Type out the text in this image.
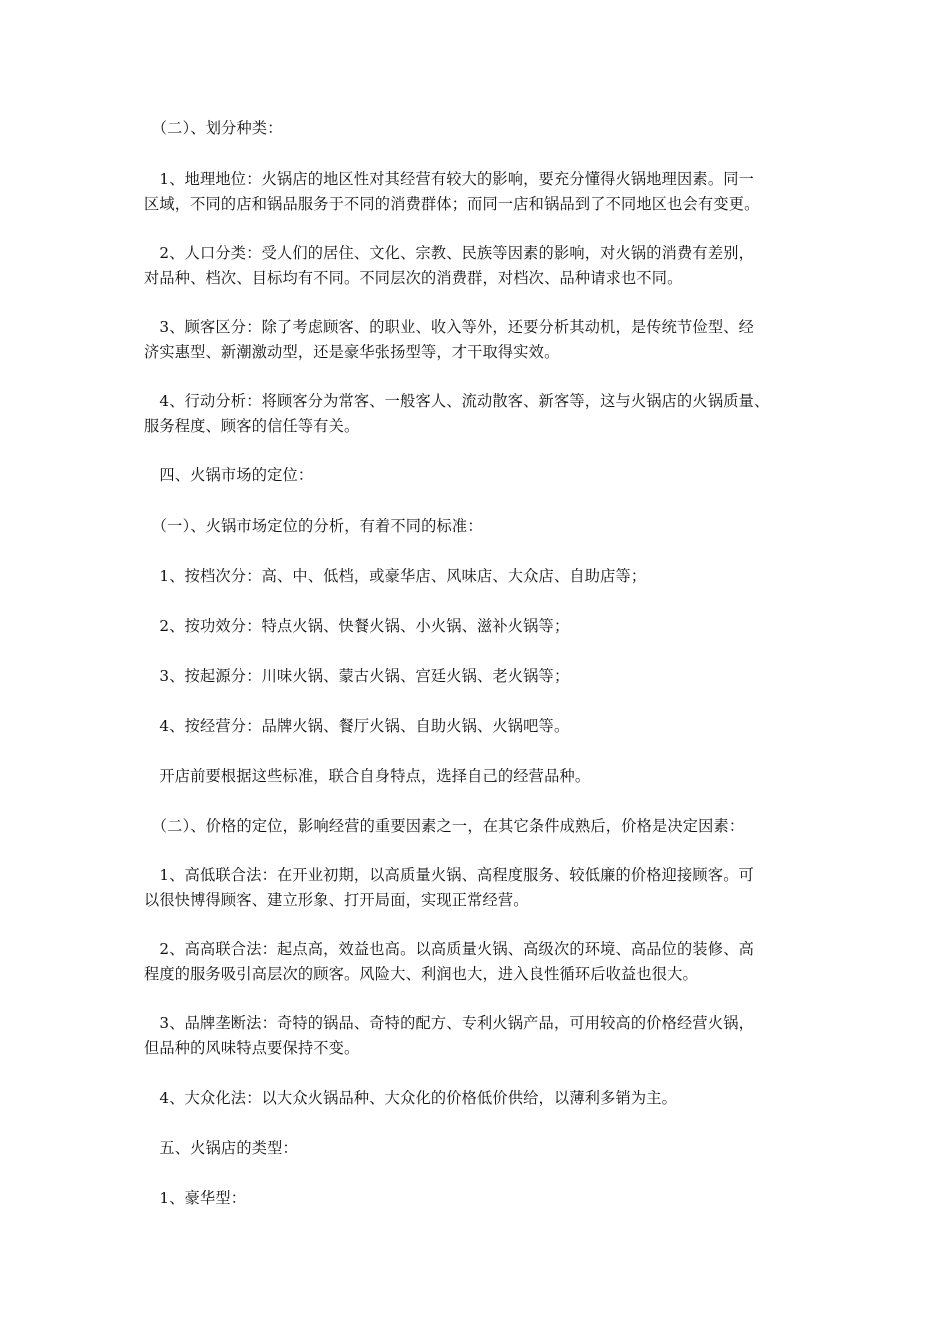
　（二）、划分种类：

　1、地理地位：火锅店的地区性对其经营有较大的影响，要充分懂得火锅地理因素。同一
区域，不同的店和锅品服务于不同的消费群体；而同一店和锅品到了不同地区也会有变更。

　2、人口分类：受人们的居住、文化、宗教、民族等因素的影响，对火锅的消费有差别，
对品种、档次、目标均有不同。不同层次的消费群，对档次、品种请求也不同。

　3、顾客区分：除了考虑顾客、的职业、收入等外，还要分析其动机，是传统节俭型、经
济实惠型、新潮激动型，还是豪华张扬型等，才干取得实效。

　4、行动分析：将顾客分为常客、一般客人、流动散客、新客等，这与火锅店的火锅质量、
服务程度、顾客的信任等有关。

　四、火锅市场的定位：

　（一）、火锅市场定位的分析，有着不同的标准：

　1、按档次分：高、中、低档，或豪华店、风味店、大众店、自助店等；

　2、按功效分：特点火锅、快餐火锅、小火锅、滋补火锅等；

　3、按起源分：川味火锅、蒙古火锅、宫廷火锅、老火锅等；

　4、按经营分：品牌火锅、餐厅火锅、自助火锅、火锅吧等。

　开店前要根据这些标准，联合自身特点，选择自己的经营品种。

　（二）、价格的定位，影响经营的重要因素之一，在其它条件成熟后，价格是决定因素：

　1、高低联合法：在开业初期，以高质量火锅、高程度服务、较低廉的价格迎接顾客。可
以很快博得顾客、建立形象、打开局面，实现正常经营。

　2、高高联合法：起点高，效益也高。以高质量火锅、高级次的环境、高品位的装修、高
程度的服务吸引高层次的顾客。风险大、利润也大，进入良性循环后收益也很大。

　3、品牌垄断法：奇特的锅品、奇特的配方、专利火锅产品，可用较高的价格经营火锅，
但品种的风味特点要保持不变。

　4、大众化法：以大众火锅品种、大众化的价格低价供给，以薄利多销为主。

　五、火锅店的类型：

　1、豪华型：
